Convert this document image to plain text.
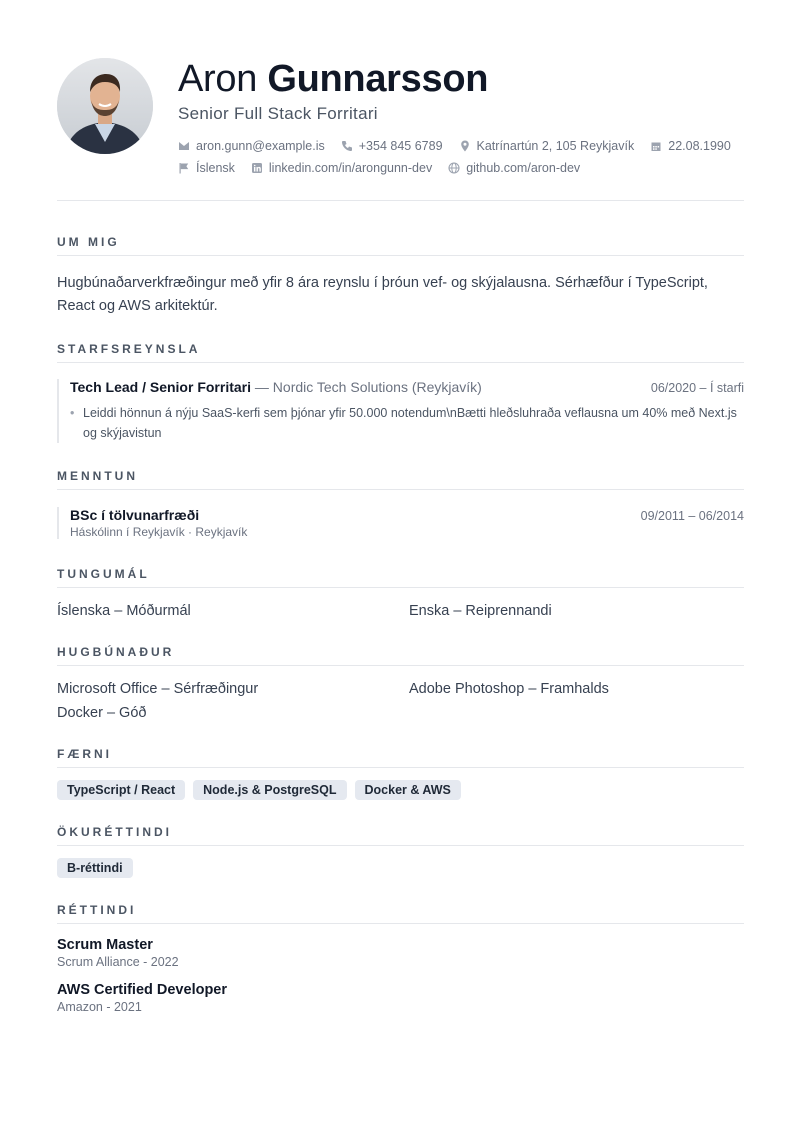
Aron Gunnarsson
Senior Full Stack Forritari
aron.gunn@example.is	+354 845 6789	Katrínartún 2, 105 Reykjavík	22.08.1990
Íslensk	linkedin.com/in/arongunn-dev	github.com/aron-dev
UM MIG
Hugbúnaðarverkfræðingur með yfir 8 ára reynslu í þróun vef- og skýjalausna. Sérhæfður í TypeScript, React og AWS arkitektúr.
STARFSREYNSLA
Tech Lead / Senior Forritari — Nordic Tech Solutions (Reykjavík)	06/2020 – Í starfi
• Leiddi hönnun á nýju SaaS-kerfi sem þjónar yfir 50.000 notendum\nBætti hleðsluhraða veflausna um 40% með Next.js og skýjavistun
MENNTUN
BSc í tölvunarfræði	09/2011 – 06/2014
Háskólinn í Reykjavík · Reykjavík
TUNGUMÁL
Íslenska – Móðurmál	Enska – Reiprennandi
HUGBÚNAÐUR
Microsoft Office – Sérfræðingur	Adobe Photoshop – Framhalds
Docker – Góð
FÆRNI
TypeScript / React	Node.js & PostgreSQL	Docker & AWS
ÖKURÉTTINDI
B-réttindi
RÉTTINDI
Scrum Master
Scrum Alliance - 2022
AWS Certified Developer
Amazon - 2021
